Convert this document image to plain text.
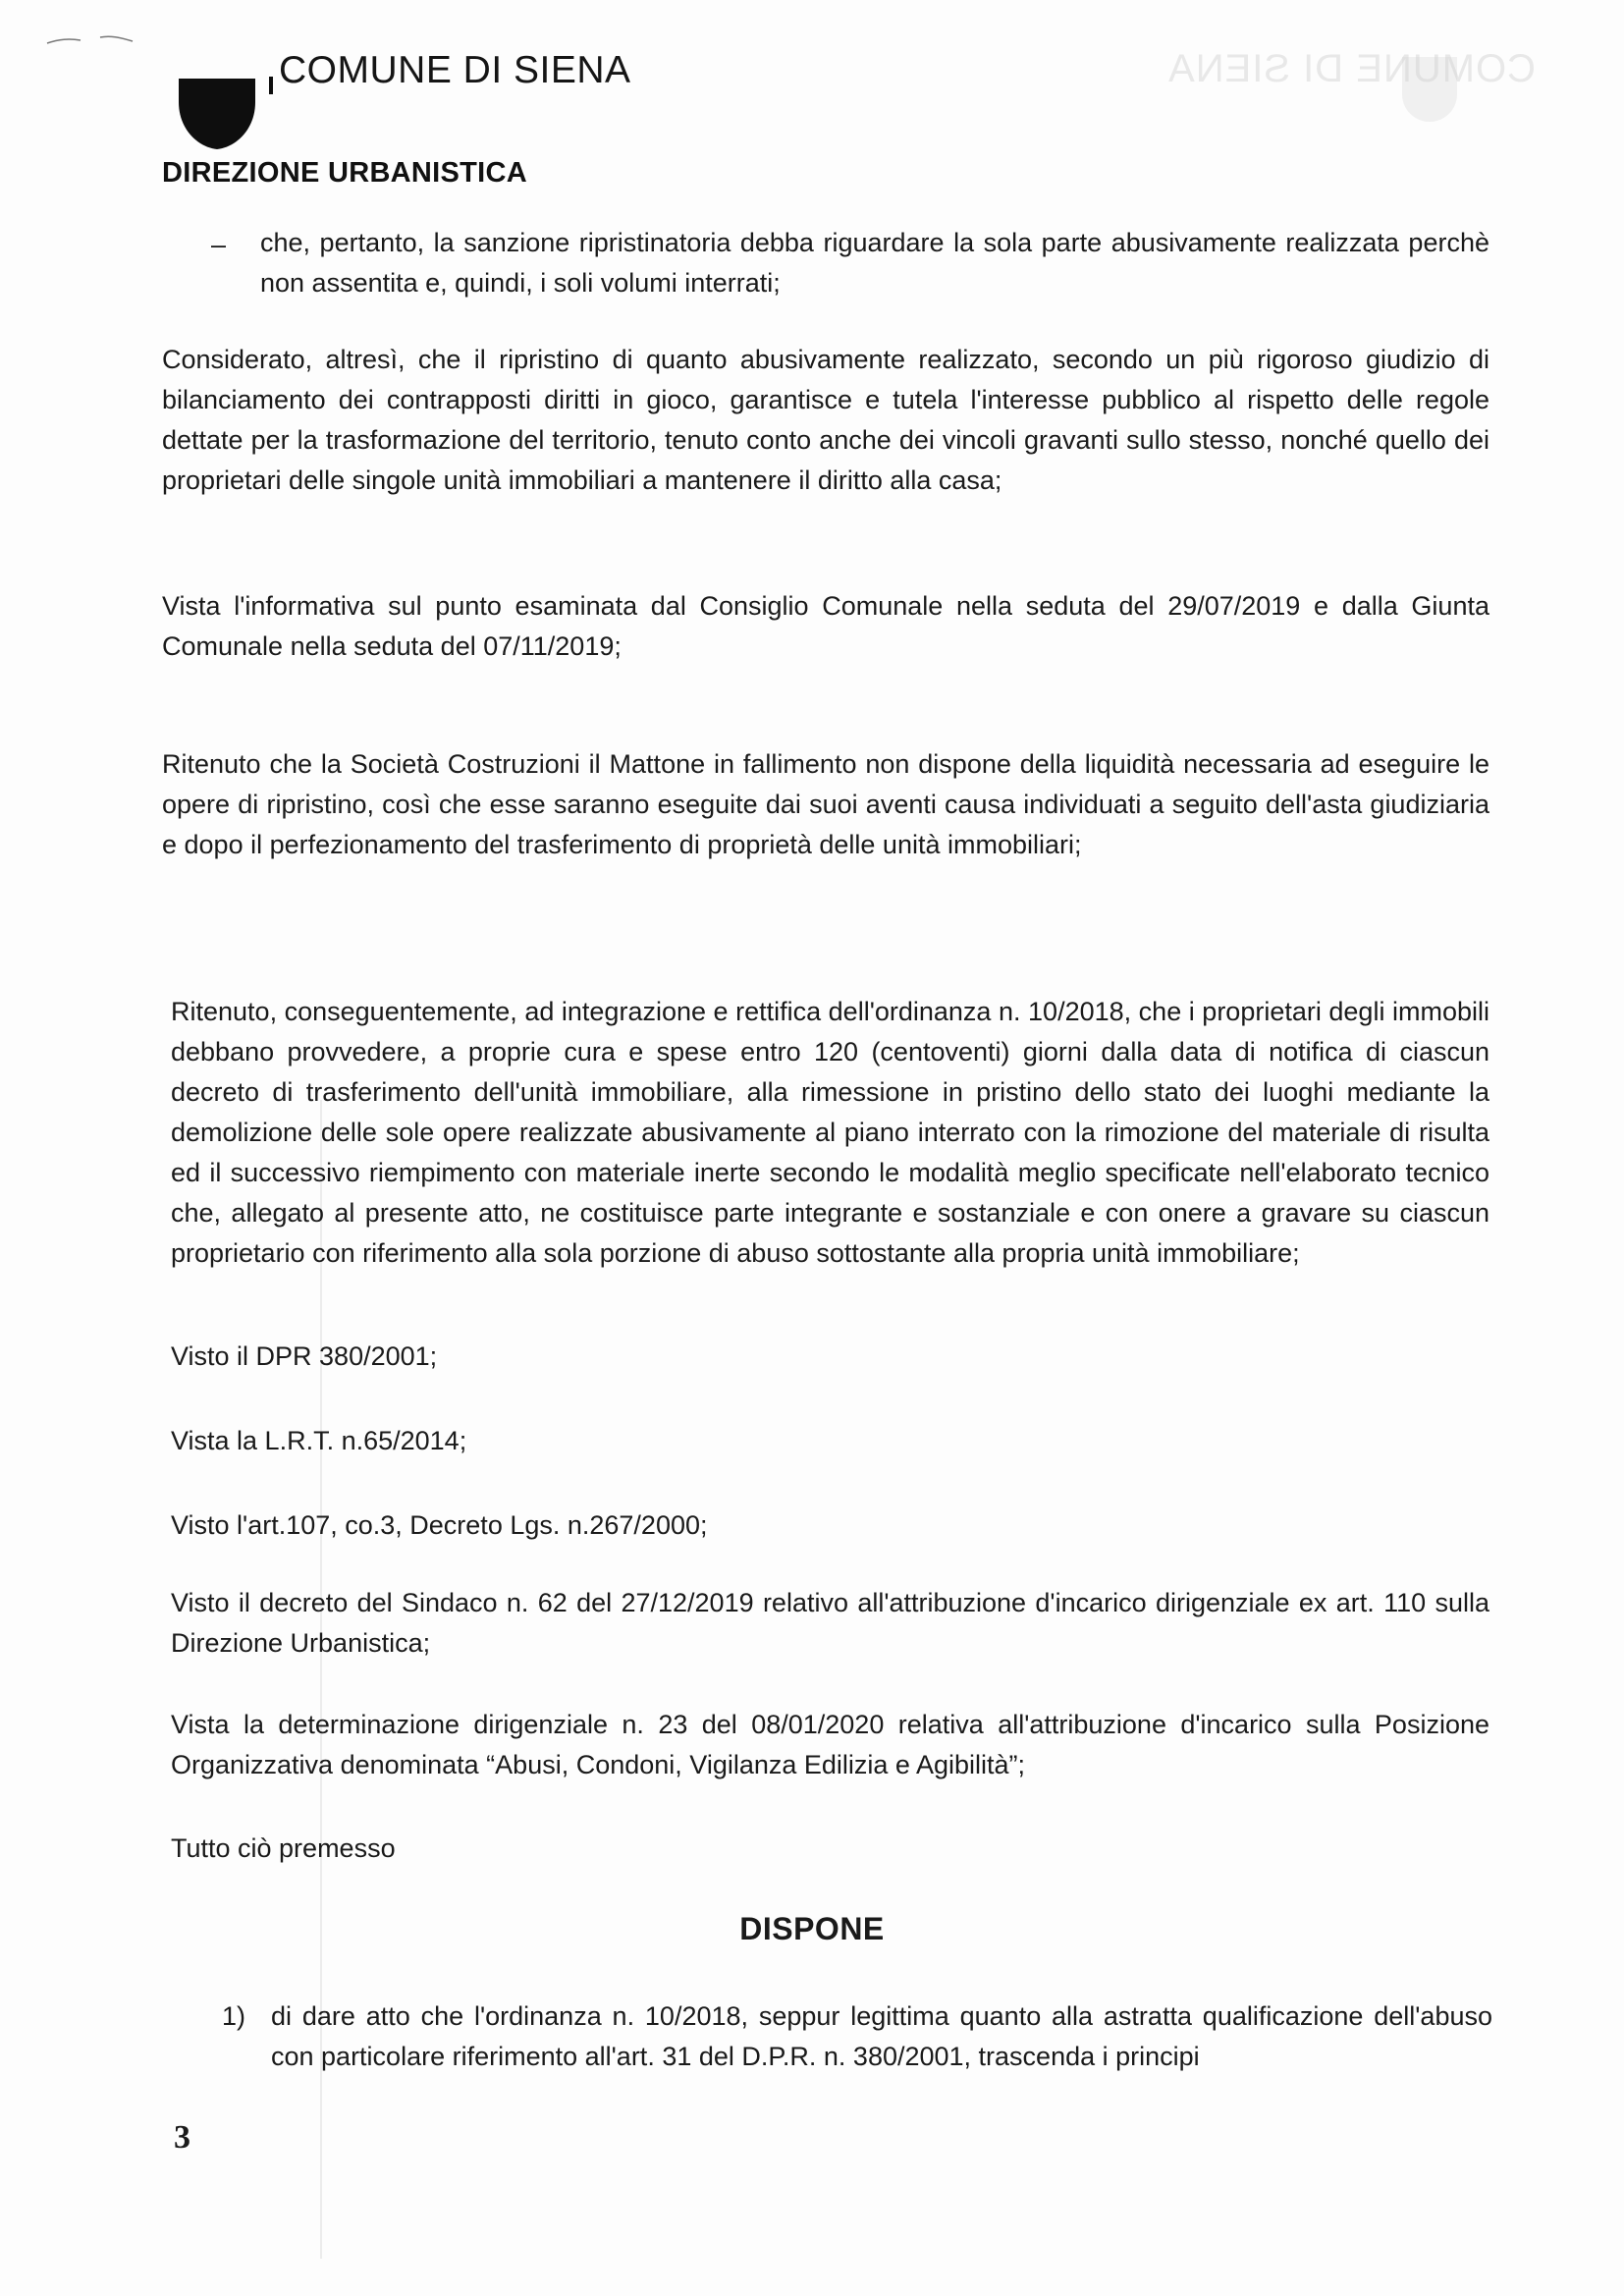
COMUNE DI SIENA
COMUNE DI SIENA
DIREZIONE URBANISTICA
– che, pertanto, la sanzione ripristinatoria debba riguardare la sola parte abusivamente realizzata perchè non assentita e, quindi, i soli volumi interrati;
Considerato, altresì, che il ripristino di quanto abusivamente realizzato, secondo un più rigoroso giudizio di bilanciamento dei contrapposti diritti in gioco, garantisce e tutela l'interesse pubblico al rispetto delle regole dettate per la trasformazione del territorio, tenuto conto anche dei vincoli gravanti sullo stesso, nonché quello dei proprietari delle singole unità immobiliari a mantenere il diritto alla casa;
Vista l'informativa sul punto esaminata dal Consiglio Comunale nella seduta del 29/07/2019 e dalla Giunta Comunale nella seduta del 07/11/2019;
Ritenuto che la Società Costruzioni il Mattone in fallimento non dispone della liquidità necessaria ad eseguire le opere di ripristino, così che esse saranno eseguite dai suoi aventi causa individuati a seguito dell'asta giudiziaria e dopo il perfezionamento del trasferimento di proprietà delle unità immobiliari;
Ritenuto, conseguentemente, ad integrazione e rettifica dell'ordinanza n. 10/2018, che i proprietari degli immobili debbano provvedere, a proprie cura e spese entro 120 (centoventi) giorni dalla data di notifica di ciascun decreto di trasferimento dell'unità immobiliare, alla rimessione in pristino dello stato dei luoghi mediante la demolizione delle sole opere realizzate abusivamente al piano interrato con la rimozione del materiale di risulta ed il successivo riempimento con materiale inerte secondo le modalità meglio specificate nell'elaborato tecnico che, allegato al presente atto, ne costituisce parte integrante e sostanziale e con onere a gravare su ciascun proprietario con riferimento alla sola porzione di abuso sottostante alla propria unità immobiliare;
Visto il DPR 380/2001;
Vista la L.R.T. n.65/2014;
Visto l'art.107, co.3, Decreto Lgs. n.267/2000;
Visto il decreto del Sindaco n. 62 del 27/12/2019 relativo all'attribuzione d'incarico dirigenziale ex art. 110 sulla Direzione Urbanistica;
Vista la determinazione dirigenziale n. 23 del 08/01/2020 relativa all'attribuzione d'incarico sulla Posizione Organizzativa denominata “Abusi, Condoni, Vigilanza Edilizia e Agibilità”;
Tutto ciò premesso
DISPONE
1) di dare atto che l'ordinanza n. 10/2018, seppur legittima quanto alla astratta qualificazione dell'abuso con particolare riferimento all'art. 31 del D.P.R. n. 380/2001, trascenda i principi
3
